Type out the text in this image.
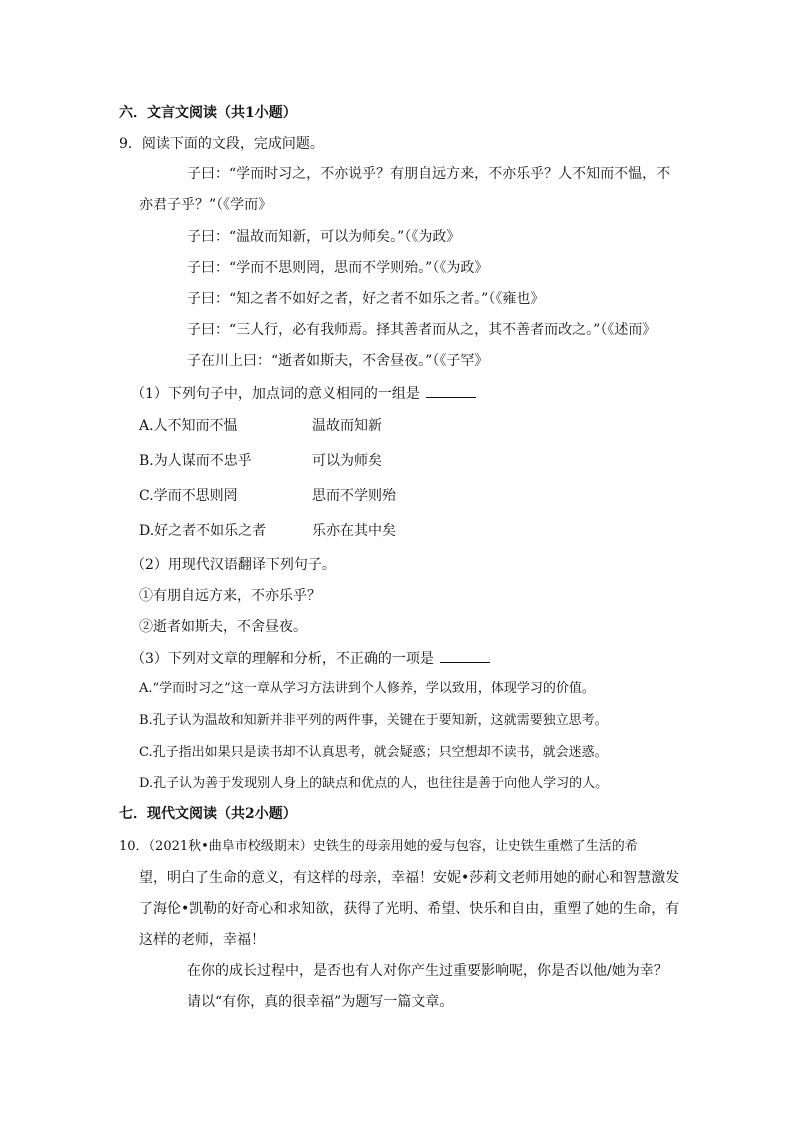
六．文言文阅读（共1小题）
9．阅读下面的文段，完成问题。
子曰：“学而时习之，不亦说乎？有朋自远方来，不亦乐乎？人不知而不愠，不
亦君子乎？”（《学而》
子曰：“温故而知新，可以为师矣。”（《为政》
子曰：“学而不思则罔，思而不学则殆。”（《为政》
子曰：“知之者不如好之者，好之者不如乐之者。”（《雍也》
子曰：“三人行，必有我师焉。择其善者而从之，其不善者而改之。”（《述而》
子在川上曰：“逝者如斯夫，不舍昼夜。”（《子罕》
（1）下列句子中，加点词的意义相同的一组是
A.人不知而不愠	温故而知新
B.为人谋而不忠乎	可以为师矣
C.学而不思则罔	思而不学则殆
D.好之者不如乐之者	乐亦在其中矣
（2）用现代汉语翻译下列句子。
①有朋自远方来，不亦乐乎？
②逝者如斯夫，不舍昼夜。
（3）下列对文章的理解和分析，不正确的一项是
A.“学而时习之”这一章从学习方法讲到个人修养，学以致用，体现学习的价值。
B.孔子认为温故和知新并非平列的两件事，关键在于要知新，这就需要独立思考。
C.孔子指出如果只是读书却不认真思考，就会疑惑；只空想却不读书，就会迷惑。
D.孔子认为善于发现别人身上的缺点和优点的人，也往往是善于向他人学习的人。
七．现代文阅读（共2小题）
10．（2021秋•曲阜市校级期末）史铁生的母亲用她的爱与包容，让史铁生重燃了生活的希
望，明白了生命的意义，有这样的母亲，幸福！安妮•莎莉文老师用她的耐心和智慧激发
了海伦•凯勒的好奇心和求知欲，获得了光明、希望、快乐和自由，重塑了她的生命，有
这样的老师，幸福！
在你的成长过程中，是否也有人对你产生过重要影响呢，你是否以他/她为幸？
请以“有你，真的很幸福”为题写一篇文章。
